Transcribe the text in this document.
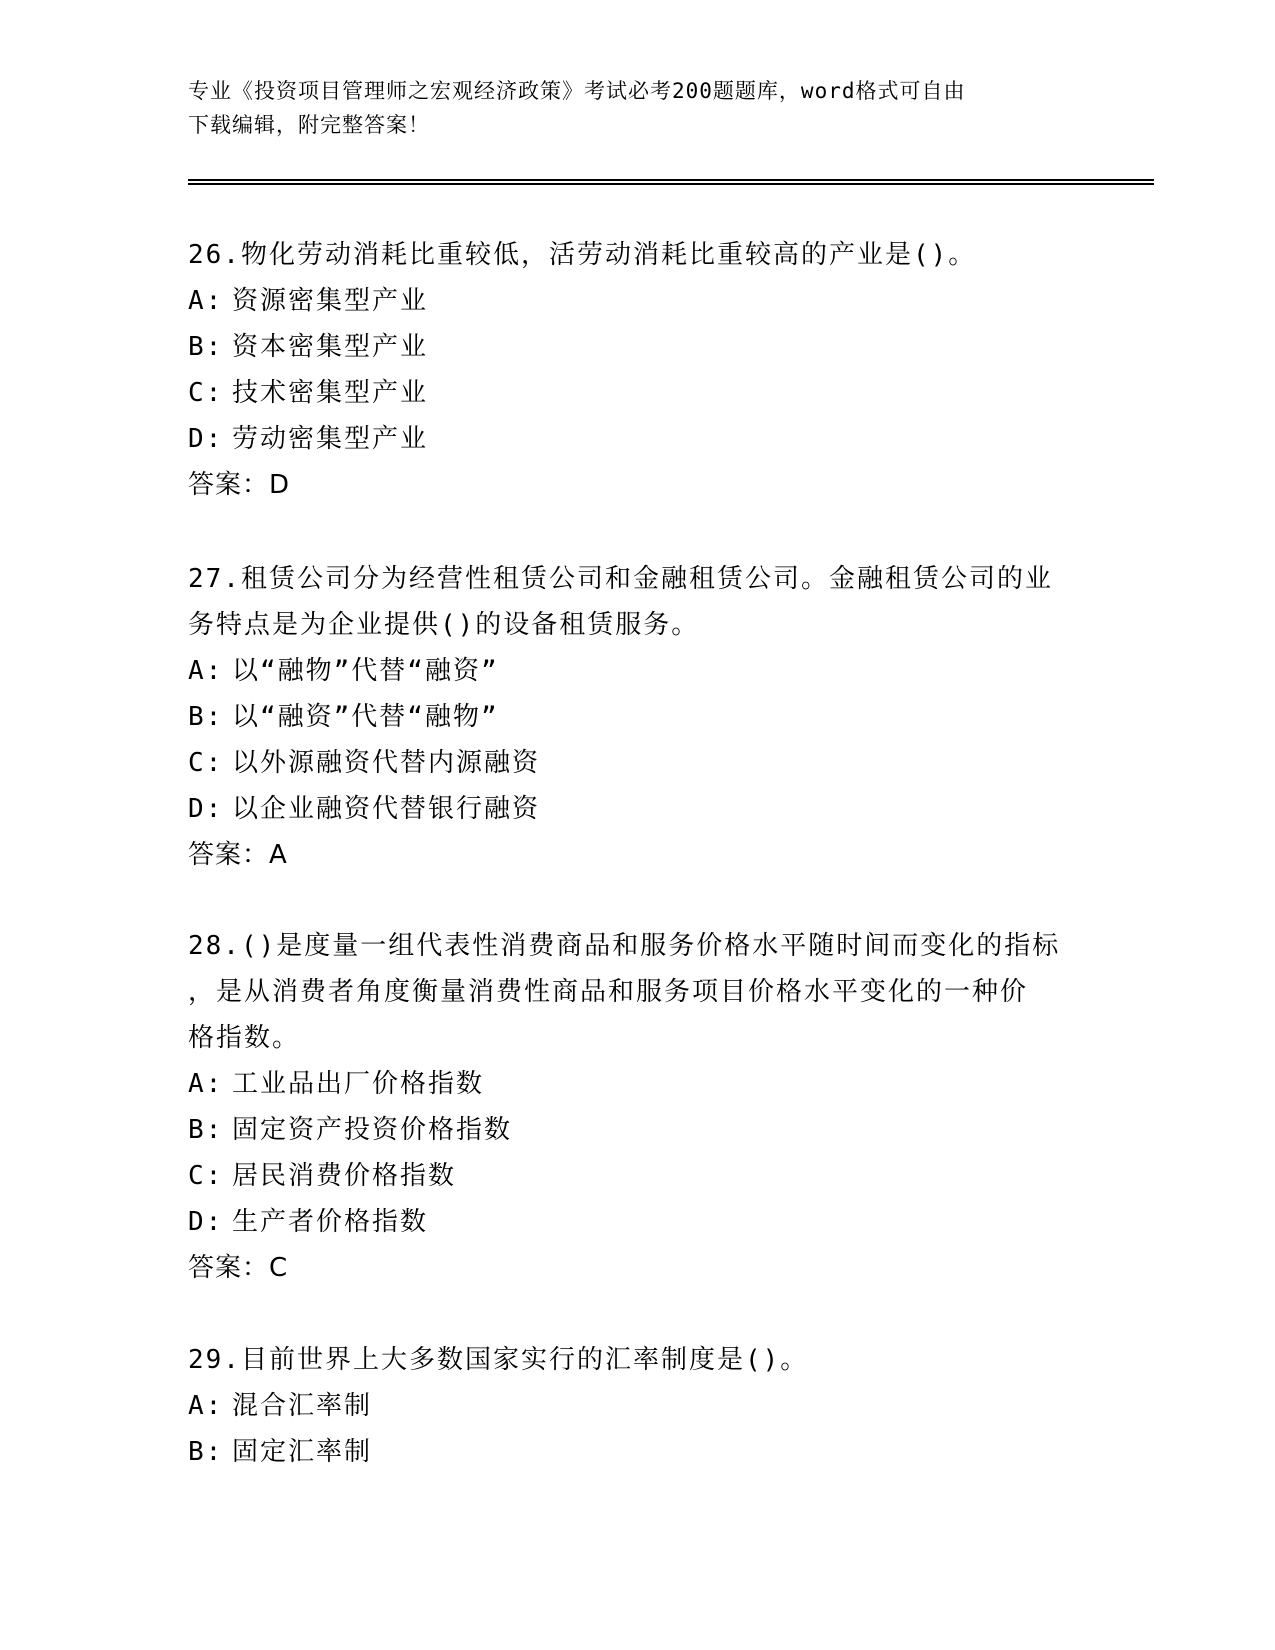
专业《投资项目管理师之宏观经济政策》考试必考200题题库，word格式可自由
下载编辑，附完整答案！

26.物化劳动消耗比重较低，活劳动消耗比重较高的产业是()。

A: 资源密集型产业

B: 资本密集型产业

C: 技术密集型产业

D: 劳动密集型产业

答案：D

27.租赁公司分为经营性租赁公司和金融租赁公司。金融租赁公司的业

务特点是为企业提供()的设备租赁服务。

A: 以“融物”代替“融资”

B: 以“融资”代替“融物”

C: 以外源融资代替内源融资

D: 以企业融资代替银行融资

答案：A

28.()是度量一组代表性消费商品和服务价格水平随时间而变化的指标

，是从消费者角度衡量消费性商品和服务项目价格水平变化的一种价

格指数。

A: 工业品出厂价格指数

B: 固定资产投资价格指数

C: 居民消费价格指数

D: 生产者价格指数

答案：C

29.目前世界上大多数国家实行的汇率制度是()。

A: 混合汇率制

B: 固定汇率制
